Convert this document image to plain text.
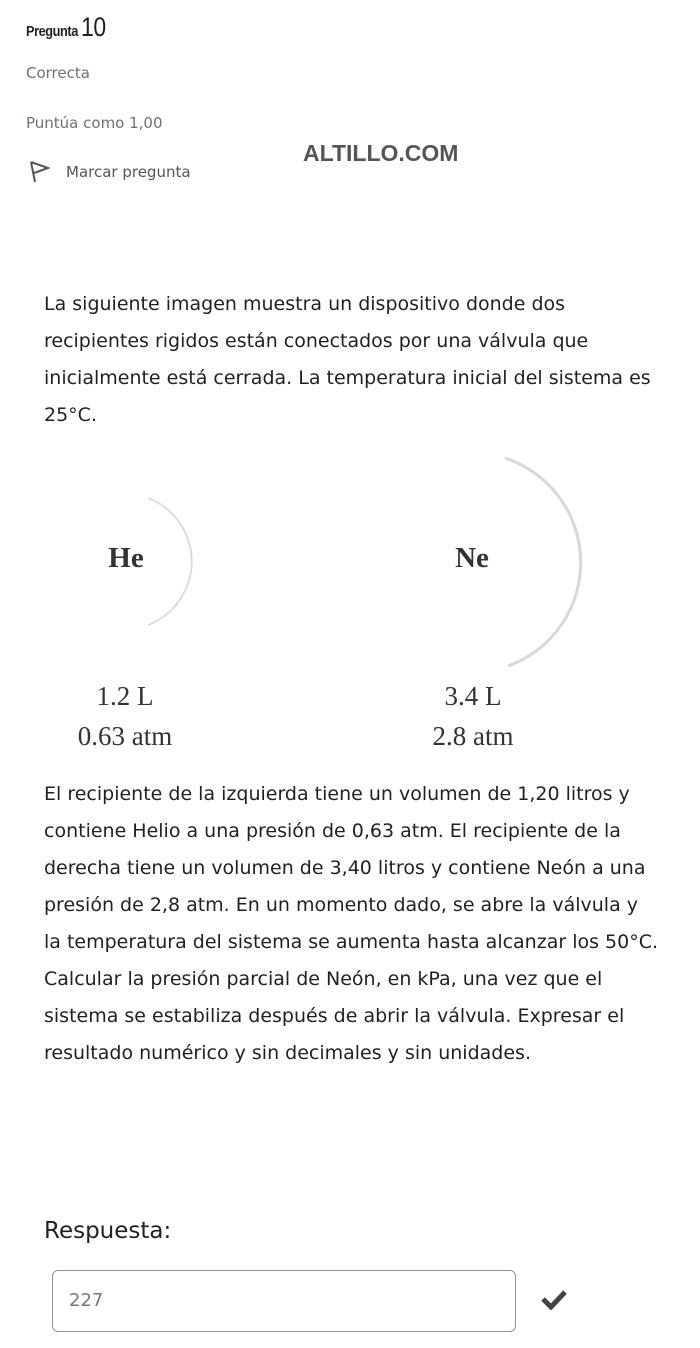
Pregunta 10
Correcta
Puntúa como 1,00
Marcar pregunta
ALTILLO.COM

La siguiente imagen muestra un dispositivo donde dos recipientes rigidos están conectados por una válvula que inicialmente está cerrada. La temperatura inicial del sistema es 25°C.

He	Ne
1.2 L
0.63 atm
3.4 L
2.8 atm

El recipiente de la izquierda tiene un volumen de 1,20 litros y contiene Helio a una presión de 0,63 atm. El recipiente de la derecha tiene un volumen de 3,40 litros y contiene Neón a una presión de 2,8 atm. En un momento dado, se abre la válvula y la temperatura del sistema se aumenta hasta alcanzar los 50°C. Calcular la presión parcial de Neón, en kPa, una vez que el sistema se estabiliza después de abrir la válvula. Expresar el resultado numérico y sin decimales y sin unidades.

Respuesta:
227
